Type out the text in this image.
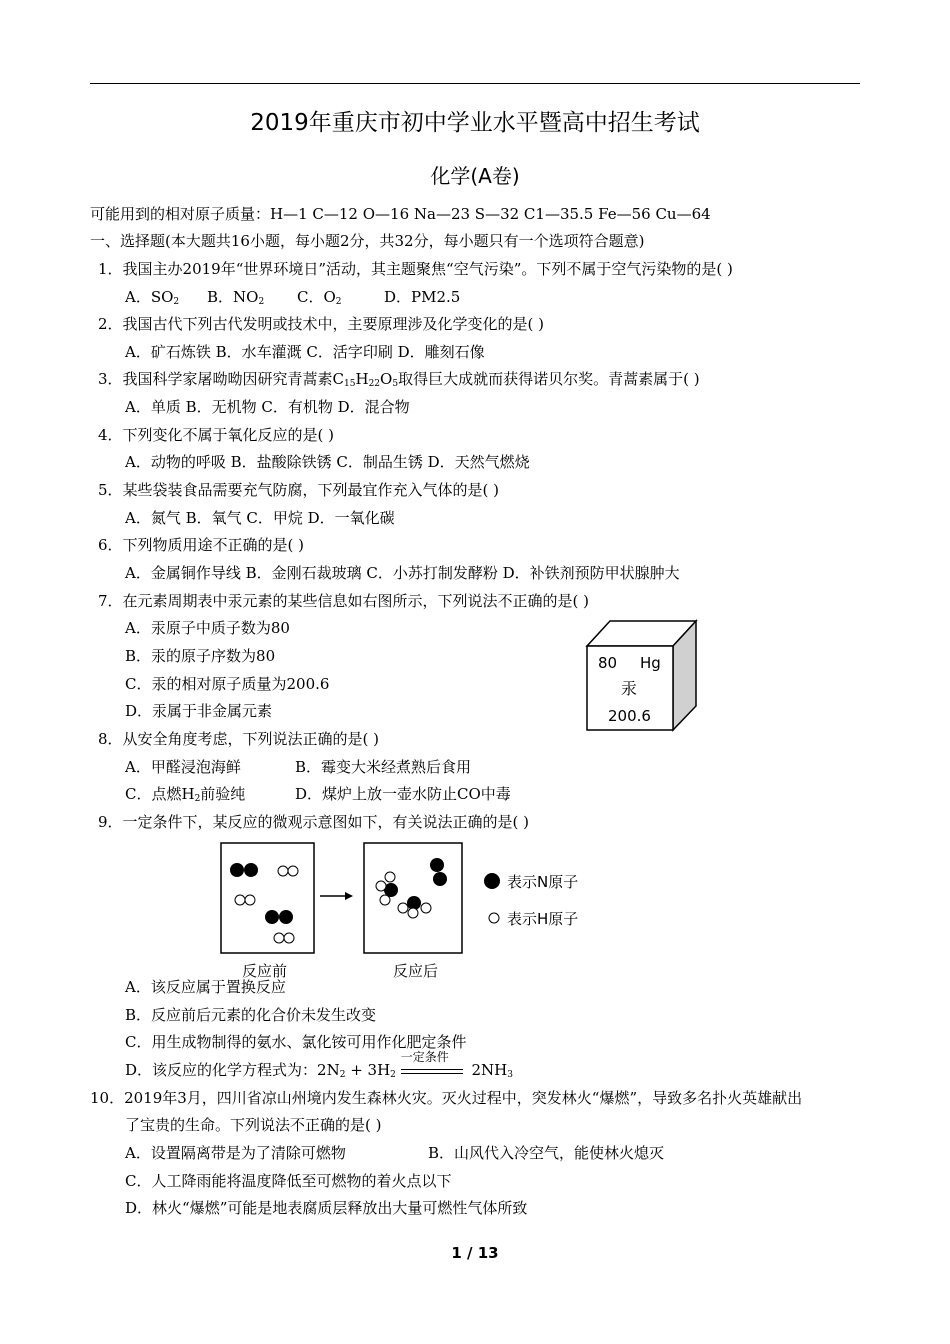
2019年重庆市初中学业水平暨高中招生考试
化学(A卷)
可能用到的相对原子质量：H—1 C—12 O—16 Na—23 S—32 C1—35.5 Fe—56 Cu—64
一、选择题(本大题共16小题，每小题2分，共32分，每小题只有一个选项符合题意)
1．我国主办2019年“世界环境日”活动，其主题聚焦“空气污染”。下列不属于空气污染物的是( )
A．$SO_2$ B．$NO_2$ C．$O_2$	D．PM2.5
2．我国古代下列古代发明或技术中，主要原理涉及化学变化的是( )
A．矿石炼铁 B．水车灌溉 C．活字印刷 D．雕刻石像
3．我国科学家屠呦呦因研究青蒿素$C_{15}H_{22}O_5$取得巨大成就而获得诺贝尔奖。青蒿素属于( )
A．单质 B．无机物 C．有机物 D．混合物
4．下列变化不属于氧化反应的是( )
A．动物的呼吸 B．盐酸除铁锈 C．制品生锈 D．天然气燃烧
5．某些袋装食品需要充气防腐，下列最宜作充入气体的是( )
A．氮气 B．氧气 C．甲烷 D．一氧化碳
6．下列物质用途不正确的是( )
A．金属铜作导线 B．金刚石裁玻璃 C．小苏打制发酵粉 D．补铁剂预防甲状腺肿大
7．在元素周期表中汞元素的某些信息如右图所示，下列说法不正确的是( )
A．汞原子中质子数为80
B．汞的原子序数为80
C．汞的相对原子质量为200.6
D．汞属于非金属元素
80 Hg
汞
200.6
8．从安全角度考虑，下列说法正确的是( )
A．甲醛浸泡海鲜	B．霉变大米经煮熟后食用
C．点燃$H_2$前验纯	D．煤炉上放一壶水防止CO中毒
9．一定条件下，某反应的微观示意图如下，有关说法正确的是( )
表示N原子
表示H原子
反应前	反应后
A．该反应属于置换反应
B．反应前后元素的化合价未发生改变
C．用生成物制得的氨水、氯化铵可用作化肥定条件
D．该反应的化学方程式为：$2N_2 + 3H_2$
一定条件
$2NH_3$
10．2019年3月，四川省凉山州境内发生森林火灾。灭火过程中，突发林火“爆燃”，导致多名扑火英雄献出
了宝贵的生命。下列说法不正确的是( )
A．设置隔离带是为了清除可燃物	B．山风代入冷空气，能使林火熄灭
C．人工降雨能将温度降低至可燃物的着火点以下
D．林火“爆燃”可能是地表腐质层释放出大量可燃性气体所致
1 / 13
